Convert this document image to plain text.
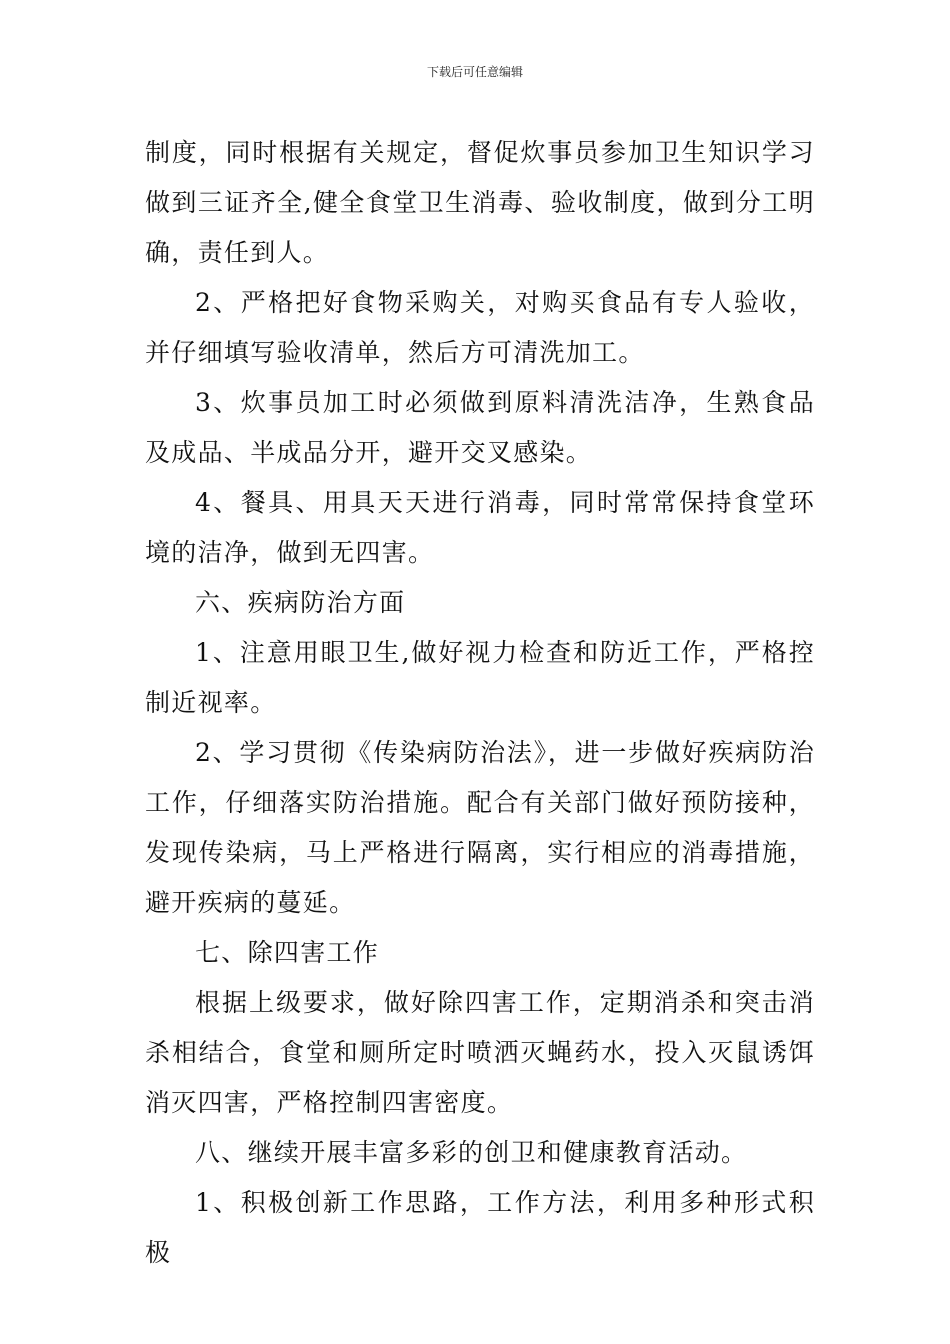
下载后可任意编辑

制度，同时根据有关规定，督促炊事员参加卫生知识学习做到三证齐全,健全食堂卫生消毒、验收制度，做到分工明确，责任到人。

2、严格把好食物采购关，对购买食品有专人验收，并仔细填写验收清单，然后方可清洗加工。

3、炊事员加工时必须做到原料清洗洁净，生熟食品及成品、半成品分开，避开交叉感染。

4、餐具、用具天天进行消毒，同时常常保持食堂环境的洁净，做到无四害。

六、疾病防治方面

1、注意用眼卫生,做好视力检查和防近工作，严格控制近视率。

2、学习贯彻《传染病防治法》，进一步做好疾病防治工作，仔细落实防治措施。配合有关部门做好预防接种，发现传染病，马上严格进行隔离，实行相应的消毒措施，避开疾病的蔓延。

七、除四害工作

根据上级要求，做好除四害工作，定期消杀和突击消杀相结合，食堂和厕所定时喷洒灭蝇药水，投入灭鼠诱饵消灭四害，严格控制四害密度。

八、继续开展丰富多彩的创卫和健康教育活动。

1、积极创新工作思路，工作方法，利用多种形式积极
